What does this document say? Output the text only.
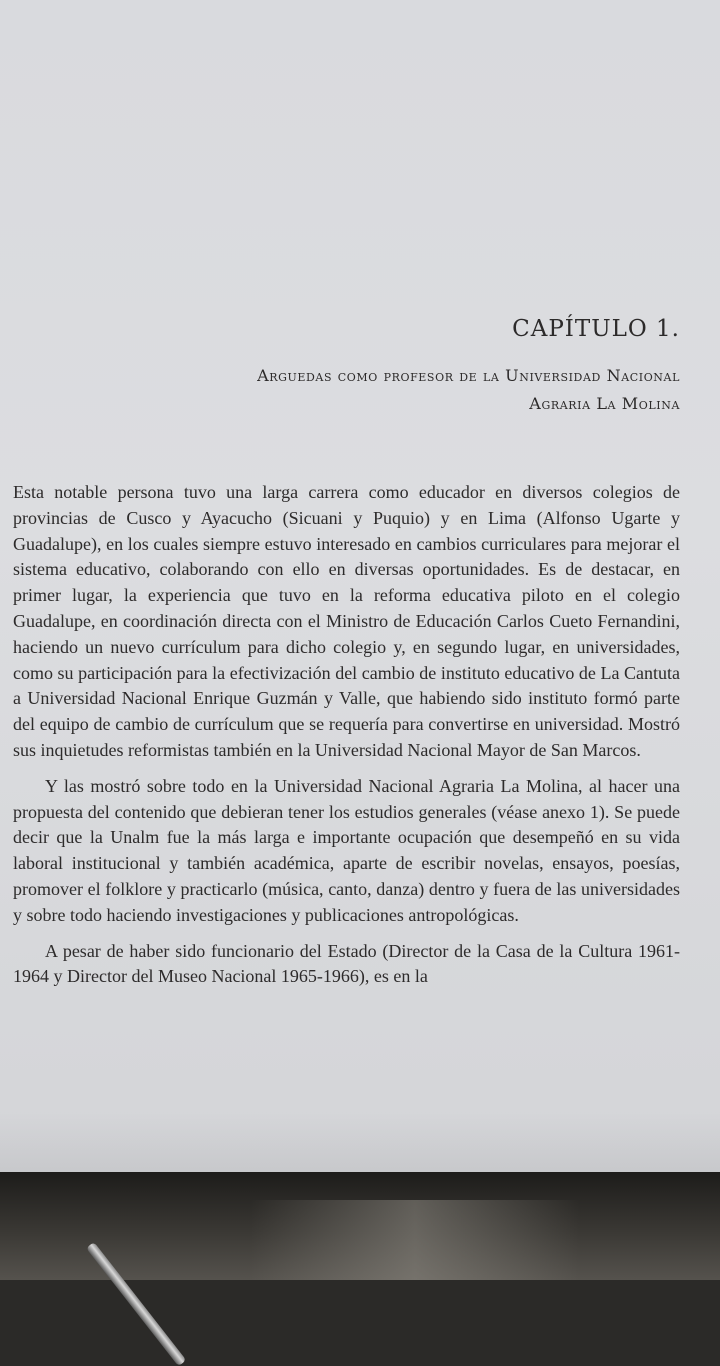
CAPÍTULO 1.
Arguedas como profesor de la Universidad Nacional
Agraria La Molina

Esta notable persona tuvo una larga carrera como educador en diversos colegios de provincias de Cusco y Ayacucho (Sicuani y Puquio) y en Lima (Alfonso Ugarte y Guadalupe), en los cuales siempre estuvo interesado en cambios curriculares para mejorar el sistema educativo, colaborando con ello en diversas oportunidades. Es de destacar, en primer lugar, la experiencia que tuvo en la reforma educativa piloto en el colegio Guadalupe, en coordinación directa con el Ministro de Educación Carlos Cueto Fernandini, haciendo un nuevo currículum para dicho colegio y, en segundo lugar, en universidades, como su participación para la efectivización del cambio de instituto educativo de La Cantuta a Universidad Nacional Enrique Guzmán y Valle, que habiendo sido instituto formó parte del equipo de cambio de currículum que se requería para convertirse en universidad. Mostró sus inquietudes reformistas también en la Universidad Nacional Mayor de San Marcos.

Y las mostró sobre todo en la Universidad Nacional Agraria La Molina, al hacer una propuesta del contenido que debieran tener los estudios generales (véase anexo 1). Se puede decir que la Unalm fue la más larga e importante ocupación que desempeñó en su vida laboral institucional y también académica, aparte de escribir novelas, ensayos, poesías, promover el folklore y practicarlo (música, canto, danza) dentro y fuera de las universidades y sobre todo haciendo investigaciones y publicaciones antropológicas.

A pesar de haber sido funcionario del Estado (Director de la Casa de la Cultura 1961-1964 y Director del Museo Nacional 1965-1966), es en la
